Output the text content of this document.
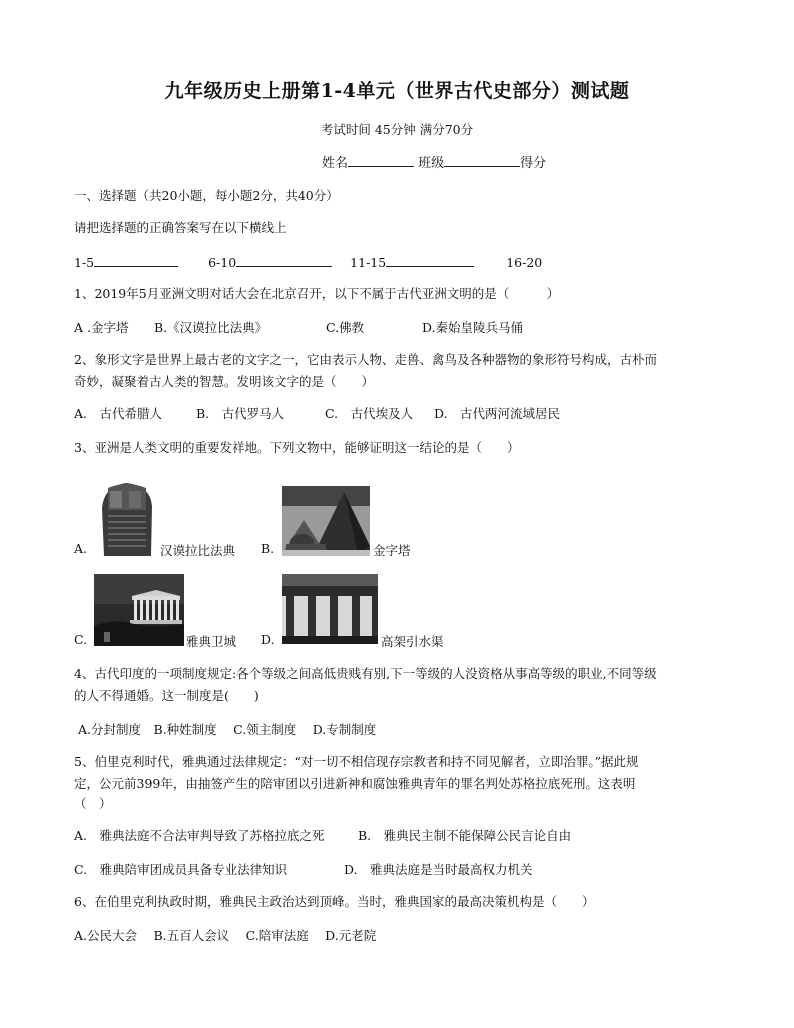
九年级历史上册第1-4单元（世界古代史部分）测试题
考试时间 45分钟 满分70分
姓名	班级	得分
一、选择题（共20小题，每小题2分，共40分）
请把选择题的正确答案写在以下横线上
1-5	6-10	11-15	16-20
1、2019年5月亚洲文明对话大会在北京召开，以下不属于古代亚洲文明的是（　　　）
A .金字塔 B.《汉谟拉比法典》	C.佛教	D.秦始皇陵兵马俑
2、象形文字是世界上最古老的文字之一，它由表示人物、走兽、禽鸟及各种器物的象形符号构成，古朴而
奇妙，凝聚着古人类的智慧。发明该文字的是（　　）
A.　古代希腊人	B.　古代罗马人	C.　古代埃及人 D.　古代两河流域居民
3、亚洲是人类文明的重要发祥地。下列文物中，能够证明这一结论的是（　　）
A.	汉谟拉比法典 B.	金字塔
C.	雅典卫城 D.	高架引水渠
4、古代印度的一项制度规定:各个等级之间高低贵贱有别,下一等级的人没资格从事高等级的职业,不同等级
的人不得通婚。这一制度是(　　)
A.分封制度　B.种姓制度　 C.领主制度　 D.专制制度
5、伯里克利时代，雅典通过法律规定：“对一切不相信现存宗教者和持不同见解者，立即治罪。”据此规
定，公元前399年，由抽签产生的陪审团以引进新神和腐蚀雅典青年的罪名判处苏格拉底死刑。这表明
（　）
A.　雅典法庭不合法审判导致了苏格拉底之死	B.　雅典民主制不能保障公民言论自由
C.　雅典陪审团成员具备专业法律知识	D.　雅典法庭是当时最高权力机关
6、在伯里克利执政时期，雅典民主政治达到顶峰。当时，雅典国家的最高决策机构是（　　）
A.公民大会　 B.五百人会议　 C.陪审法庭　 D.元老院
